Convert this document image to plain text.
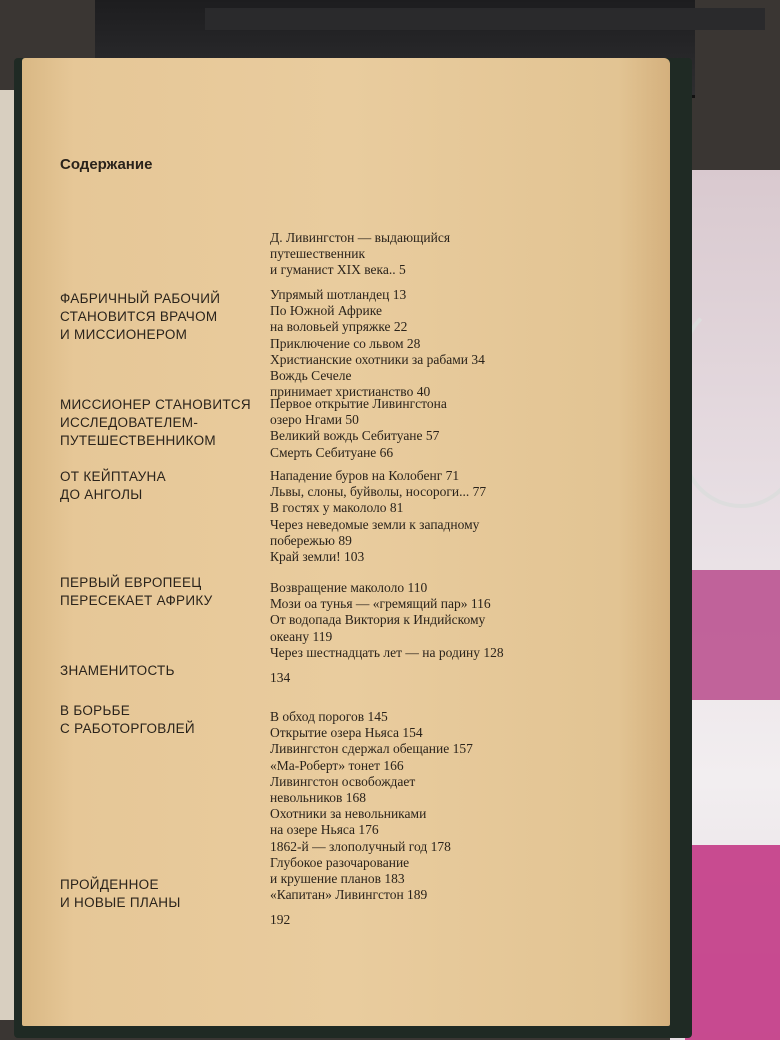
Содержание
Д. Ливингстон — выдающийся
путешественник
и гуманист XIX века.. 5
ФАБРИЧНЫЙ РАБОЧИЙ
СТАНОВИТСЯ ВРАЧОМ
И МИССИОНЕРОМ
Упрямый шотландец 13
По Южной Африке
на воловьей упряжке 22
Приключение со львом 28
Христианские охотники за рабами 34
Вождь Сечеле
принимает христианство 40
МИССИОНЕР СТАНОВИТСЯ
ИССЛЕДОВАТЕЛЕМ-
ПУТЕШЕСТВЕННИКОМ
Первое открытие Ливингстона
озеро Нгами 50
Великий вождь Себитуане 57
Смерть Себитуане 66
ОТ КЕЙПТАУНА
ДО АНГОЛЫ
Нападение буров на Колобенг 71
Львы, слоны, буйволы, носороги... 77
В гостях у макололо 81
Через неведомые земли к западному
побережью 89
Край земли! 103
ПЕРВЫЙ ЕВРОПЕЕЦ
ПЕРЕСЕКАЕТ АФРИКУ
Возвращение макололо 110
Мози оа тунья — «гремящий пар» 116
От водопада Виктория к Индийскому
океану 119
Через шестнадцать лет — на родину 128
ЗНАМЕНИТОСТЬ	134
В БОРЬБЕ
С РАБОТОРГОВЛЕЙ
В обход порогов 145
Открытие озера Ньяса 154
Ливингстон сдержал обещание 157
«Ма-Роберт» тонет 166
Ливингстон освобождает
невольников 168
Охотники за невольниками
на озере Ньяса 176
1862-й — злополучный год 178
Глубокое разочарование
и крушение планов 183
«Капитан» Ливингстон 189
ПРОЙДЕННОЕ
И НОВЫЕ ПЛАНЫ
192
